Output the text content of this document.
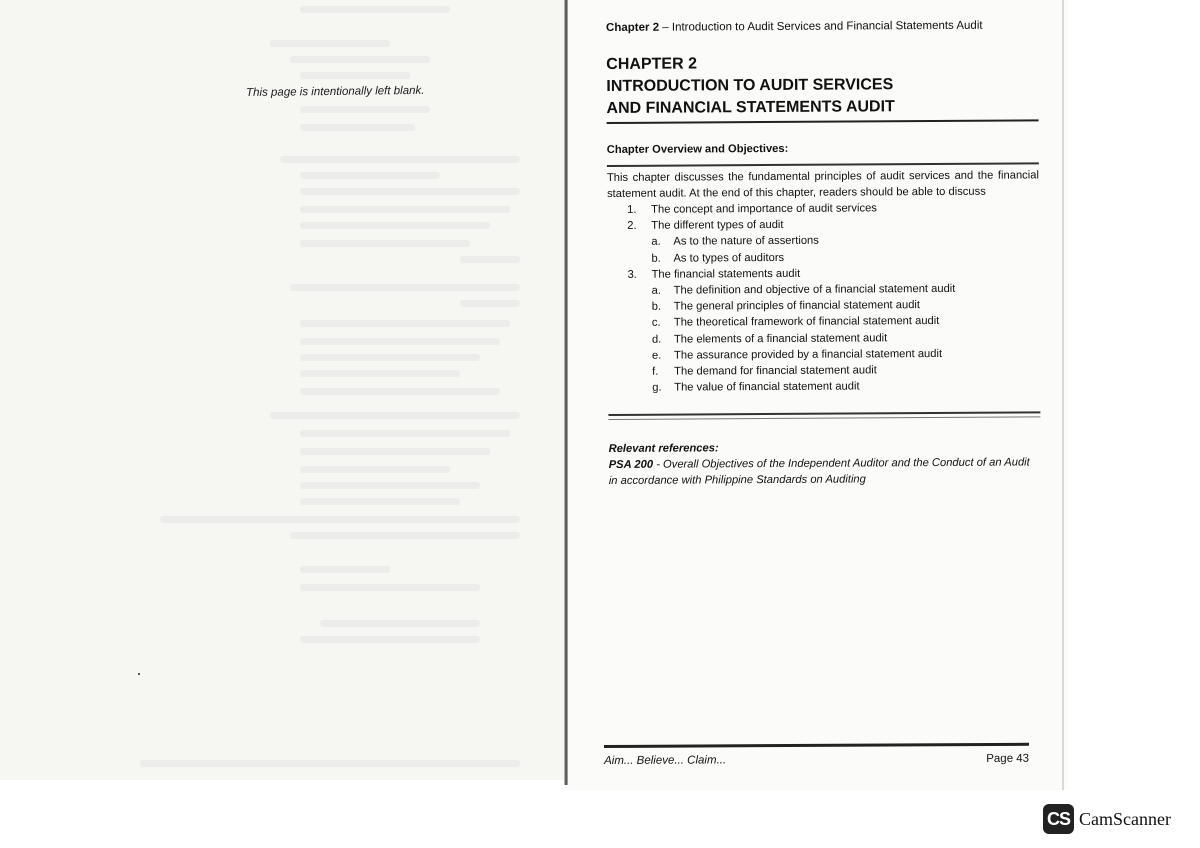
This page is intentionally left blank.
Chapter 2 – Introduction to Audit Services and Financial Statements Audit
CHAPTER 2
INTRODUCTION TO AUDIT SERVICES
AND FINANCIAL STATEMENTS AUDIT
Chapter Overview and Objectives:
This chapter discusses the fundamental principles of audit services and the financial statement audit. At the end of this chapter, readers should be able to discuss
1. The concept and importance of audit services
2. The different types of audit
a. As to the nature of assertions
b. As to types of auditors
3. The financial statements audit
a. The definition and objective of a financial statement audit
b. The general principles of financial statement audit
c. The theoretical framework of financial statement audit
d. The elements of a financial statement audit
e. The assurance provided by a financial statement audit
f. The demand for financial statement audit
g. The value of financial statement audit
Relevant references:
PSA 200 - Overall Objectives of the Independent Auditor and the Conduct of an Audit in accordance with Philippine Standards on Auditing
Aim... Believe... Claim...	Page 43
CS CamScanner
